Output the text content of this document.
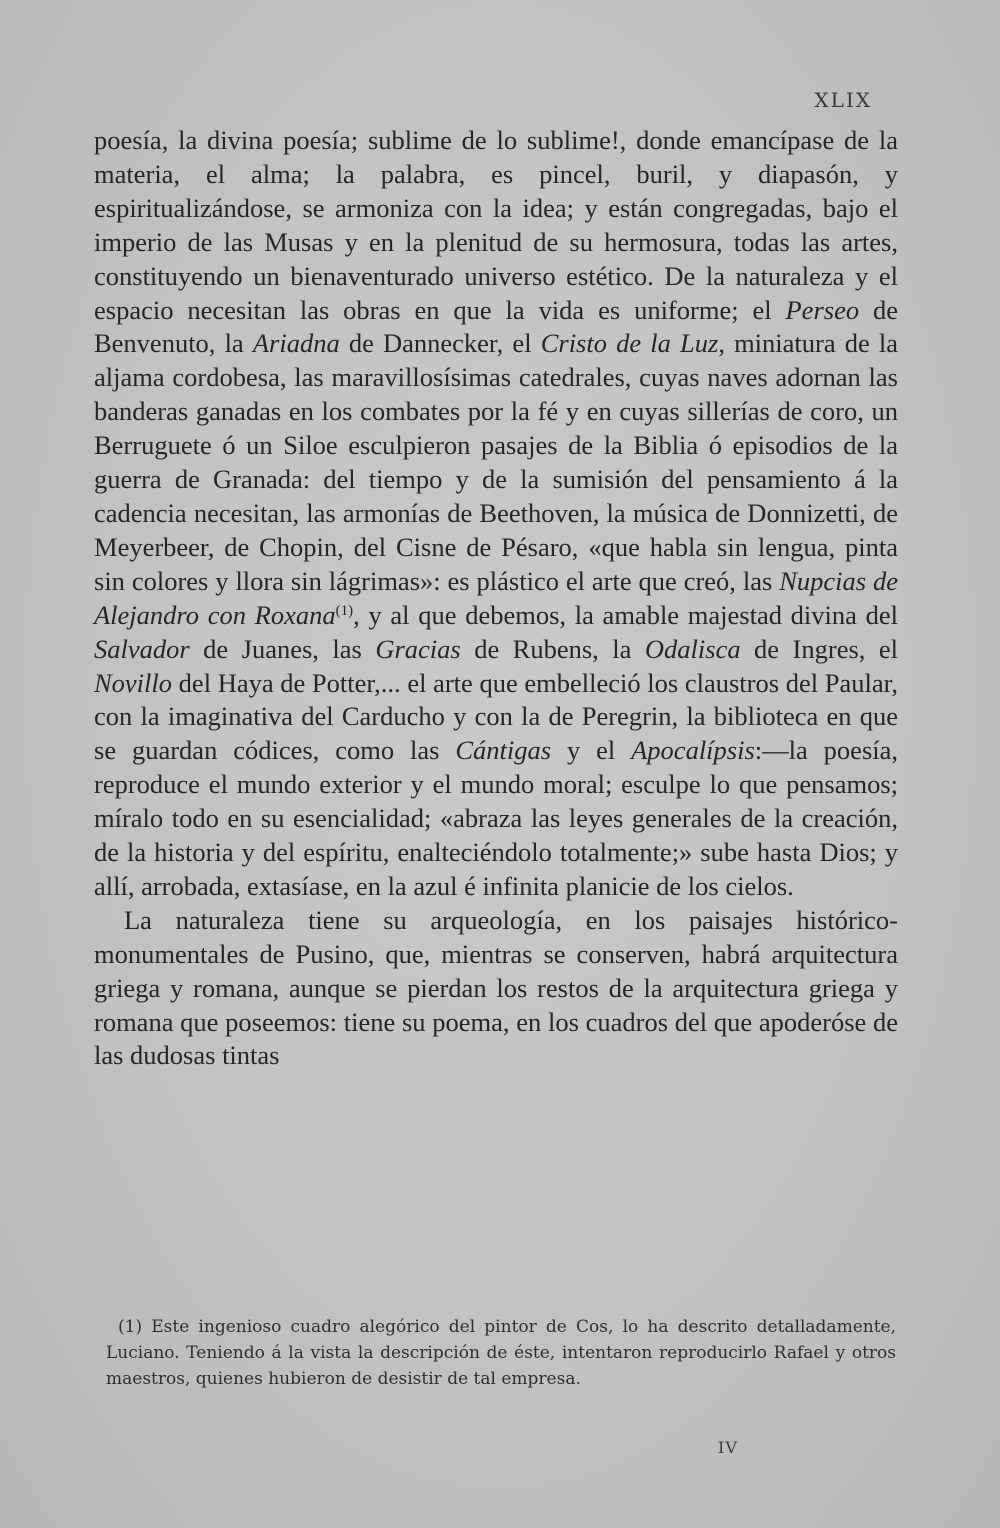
XLIX

poesía, la divina poesía; sublime de lo sublime!, donde emancípase de la materia, el alma; la palabra, es pincel, buril, y diapasón, y espiritualizándose, se armoniza con la idea; y están congregadas, bajo el imperio de las Musas y en la plenitud de su hermosura, todas las artes, constituyendo un bienaventurado universo estético. De la naturaleza y el espacio necesitan las obras en que la vida es uniforme; el Perseo de Benvenuto, la Ariadna de Dannecker, el Cristo de la Luz, miniatura de la aljama cordobesa, las maravillosísimas catedrales, cuyas naves adornan las banderas ganadas en los combates por la fé y en cuyas sillerías de coro, un Berruguete ó un Siloe esculpieron pasajes de la Biblia ó episodios de la guerra de Granada: del tiempo y de la sumisión del pensamiento á la cadencia necesitan, las armonías de Beethoven, la música de Donnizetti, de Meyerbeer, de Chopin, del Cisne de Pésaro, «que habla sin lengua, pinta sin colores y llora sin lágrimas»: es plástico el arte que creó, las Nupcias de Alejandro con Roxana$^{(1)}$, y al que debemos, la amable majestad divina del Salvador de Juanes, las Gracias de Rubens, la Odalisca de Ingres, el Novillo del Haya de Potter,... el arte que embelleció los claustros del Paular, con la imaginativa del Carducho y con la de Peregrin, la biblioteca en que se guardan códices, como las Cántigas y el Apocalípsis:—la poesía, reproduce el mundo exterior y el mundo moral; esculpe lo que pensamos; míralo todo en su esencialidad; «abraza las leyes generales de la creación, de la historia y del espíritu, enalteciéndolo totalmente;» sube hasta Dios; y allí, arrobada, extasíase, en la azul é infinita planicie de los cielos.

La naturaleza tiene su arqueología, en los paisajes histórico-monumentales de Pusino, que, mientras se conserven, habrá arquitectura griega y romana, aunque se pierdan los restos de la arquitectura griega y romana que poseemos: tiene su poema, en los cuadros del que apoderóse de las dudosas tintas

(1) Este ingenioso cuadro alegórico del pintor de Cos, lo ha descrito detalladamente, Luciano. Teniendo á la vista la descripción de éste, intentaron reproducirlo Rafael y otros maestros, quienes hubieron de desistir de tal empresa.
IV
